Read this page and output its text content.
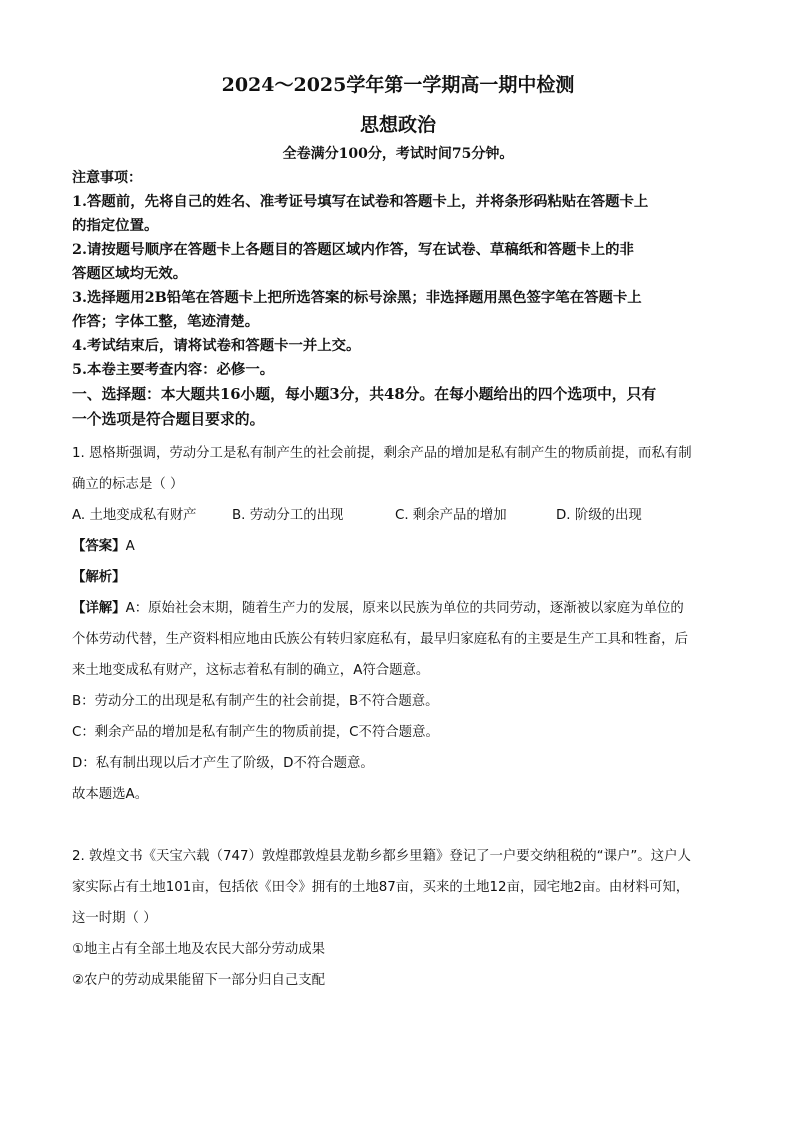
2024～2025学年第一学期高一期中检测

思想政治

全卷满分100分，考试时间75分钟。

注意事项：

1.答题前，先将自己的姓名、准考证号填写在试卷和答题卡上，并将条形码粘贴在答题卡上

的指定位置。

2.请按题号顺序在答题卡上各题目的答题区域内作答，写在试卷、草稿纸和答题卡上的非

答题区域均无效。

3.选择题用2B铅笔在答题卡上把所选答案的标号涂黑；非选择题用黑色签字笔在答题卡上

作答；字体工整，笔迹清楚。

4.考试结束后，请将试卷和答题卡一并上交。

5.本卷主要考查内容：必修一。

一、选择题：本大题共16小题，每小题3分，共48分。在每小题给出的四个选项中，只有

一个选项是符合题目要求的。

1. 恩格斯强调，劳动分工是私有制产生的社会前提，剩余产品的增加是私有制产生的物质前提，而私有制

确立的标志是（ ）

A. 土地变成私有财产	B. 劳动分工的出现	C. 剩余产品的增加	D. 阶级的出现

【答案】A

【解析】

【详解】A：原始社会末期，随着生产力的发展，原来以民族为单位的共同劳动，逐渐被以家庭为单位的

个体劳动代替，生产资料相应地由氏族公有转归家庭私有，最早归家庭私有的主要是生产工具和牲畜，后

来土地变成私有财产，这标志着私有制的确立，A符合题意。

B：劳动分工的出现是私有制产生的社会前提，B不符合题意。

C：剩余产品的增加是私有制产生的物质前提，C不符合题意。

D：私有制出现以后才产生了阶级，D不符合题意。

故本题选A。

2. 敦煌文书《天宝六载（747）敦煌郡敦煌县龙勒乡都乡里籍》登记了一户要交纳租税的“课户”。这户人

家实际占有土地101亩，包括依《田令》拥有的土地87亩，买来的土地12亩，园宅地2亩。由材料可知，

这一时期（ ）

①地主占有全部土地及农民大部分劳动成果

②农户的劳动成果能留下一部分归自己支配
